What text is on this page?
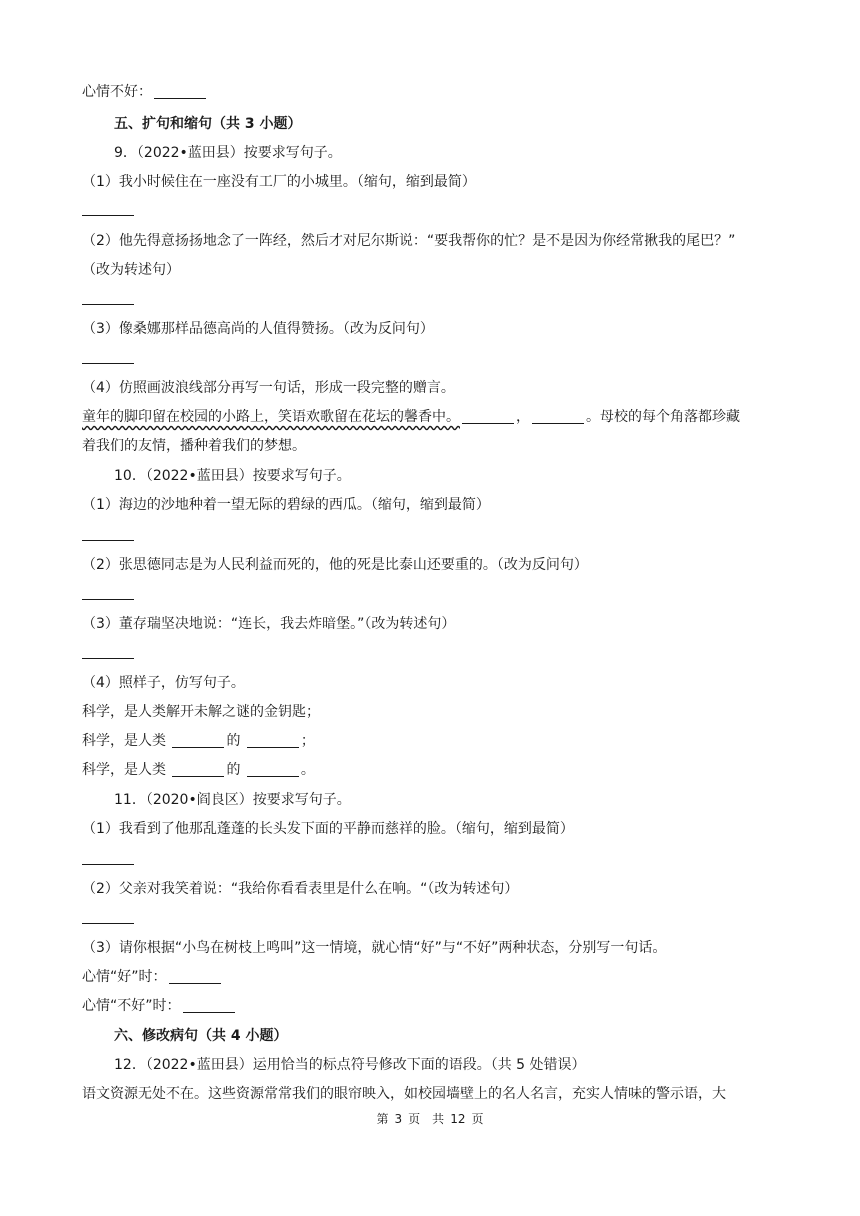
心情不好：
五、扩句和缩句（共 3 小题）
9．（2022•蓝田县）按要求写句子。
（1）我小时候住在一座没有工厂的小城里。（缩句，缩到最简）
（2）他先得意扬扬地念了一阵经，然后才对尼尔斯说：“要我帮你的忙？是不是因为你经常揪我的尾巴？”
（改为转述句）
（3）像桑娜那样品德高尚的人值得赞扬。（改为反问句）
（4）仿照画波浪线部分再写一句话，形成一段完整的赠言。
童年的脚印留在校园的小路上，笑语欢歌留在花坛的馨香中。	，	。母校的每个角落都珍藏
着我们的友情，播种着我们的梦想。
10．（2022•蓝田县）按要求写句子。
（1）海边的沙地种着一望无际的碧绿的西瓜。（缩句，缩到最简）
（2）张思德同志是为人民利益而死的，他的死是比泰山还要重的。（改为反问句）
（3）董存瑞坚决地说：“连长，我去炸暗堡。”（改为转述句）
（4）照样子，仿写句子。
科学，是人类解开未解之谜的金钥匙；
科学，是人类	的	；
科学，是人类	的	。
11．（2020•阎良区）按要求写句子。
（1）我看到了他那乱蓬蓬的长头发下面的平静而慈祥的脸。（缩句，缩到最简）
（2）父亲对我笑着说：“我给你看看表里是什么在响。“（改为转述句）
（3）请你根据“小鸟在树枝上鸣叫”这一情境，就心情“好”与“不好”两种状态，分别写一句话。
心情“好”时：
心情“不好”时：
六、修改病句（共 4 小题）
12．（2022•蓝田县）运用恰当的标点符号修改下面的语段。（共 5 处错误）
语文资源无处不在。这些资源常常我们的眼帘映入，如校园墙壁上的名人名言，充实人情味的警示语，大
第 3 页　共 12 页
